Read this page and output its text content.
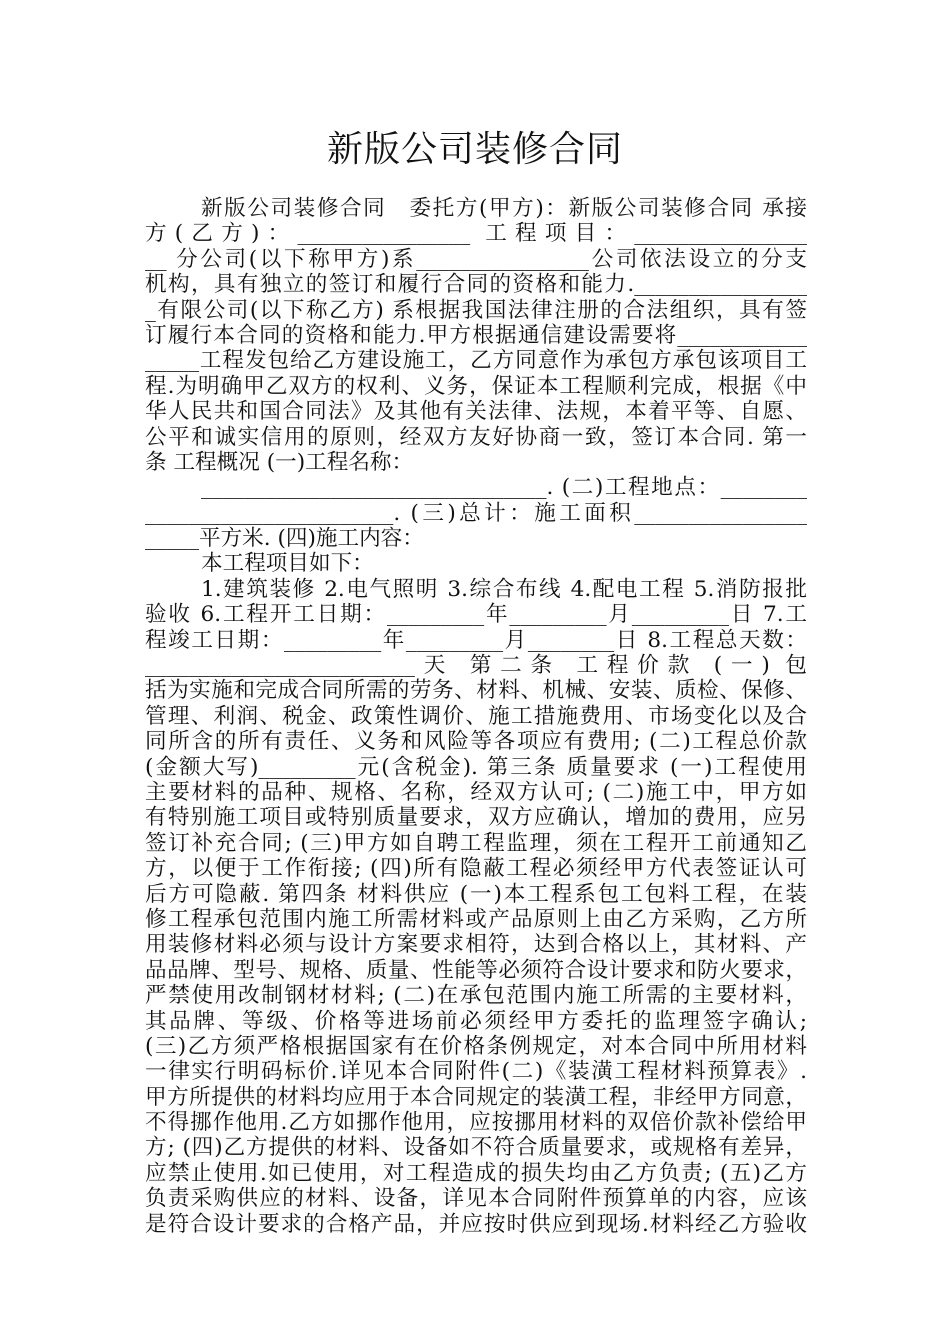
新版公司装修合同
新版公司装修合同　委托方(甲方)：新版公司装修合同 承接
方(乙方)：________________ 工程项目：________________
__ 分公司(以下称甲方)系________________公司依法设立的分支
机构，具有独立的签订和履行合同的资格和能力.________________
_有限公司(以下称乙方) 系根据我国法律注册的合法组织，具有签
订履行本合同的资格和能力.甲方根据通信建设需要将____________
_____工程发包给乙方建设施工，乙方同意作为承包方承包该项目工
程.为明确甲乙双方的权利、义务，保证本工程顺利完成，根据《中
华人民共和国合同法》及其他有关法律、法规，本着平等、自愿、
公平和诚实信用的原则，经双方友好协商一致，签订本合同. 第一
条 工程概况 (一)工程名称：
________________________________. (二)工程地点：________
_______________________. (三)总计：施工面积________________
_____平方米. (四)施工内容：
本工程项目如下：
1.建筑装修 2.电气照明 3.综合布线 4.配电工程 5.消防报批
验收 6.工程开工日期：_________年_________月_________日 7.工
程竣工日期：_________年_________月________日 8.工程总天数：
_________________________天 第二条 工程价款 (一) 包
括为实施和完成合同所需的劳务、材料、机械、安装、质检、保修、
管理、利润、税金、政策性调价、施工措施费用、市场变化以及合
同所含的所有责任、义务和风险等各项应有费用; (二)工程总价款
(金额大写)_________元(含税金). 第三条 质量要求 (一)工程使用
主要材料的品种、规格、名称，经双方认可; (二)施工中，甲方如
有特别施工项目或特别质量要求，双方应确认，增加的费用，应另
签订补充合同; (三)甲方如自聘工程监理，须在工程开工前通知乙
方，以便于工作衔接; (四)所有隐蔽工程必须经甲方代表签证认可
后方可隐蔽. 第四条 材料供应 (一)本工程系包工包料工程，在装
修工程承包范围内施工所需材料或产品原则上由乙方采购，乙方所
用装修材料必须与设计方案要求相符，达到合格以上，其材料、产
品品牌、型号、规格、质量、性能等必须符合设计要求和防火要求，
严禁使用改制钢材材料; (二)在承包范围内施工所需的主要材料，
其品牌、等级、价格等进场前必须经甲方委托的监理签字确认;
(三)乙方须严格根据国家有在价格条例规定，对本合同中所用材料
一律实行明码标价.详见本合同附件(二)《装潢工程材料预算表》.
甲方所提供的材料均应用于本合同规定的装潢工程，非经甲方同意，
不得挪作他用.乙方如挪作他用，应按挪用材料的双倍价款补偿给甲
方; (四)乙方提供的材料、设备如不符合质量要求，或规格有差异，
应禁止使用.如已使用，对工程造成的损失均由乙方负责; (五)乙方
负责采购供应的材料、设备，详见本合同附件预算单的内容，应该
是符合设计要求的合格产品，并应按时供应到现场.材料经乙方验收
